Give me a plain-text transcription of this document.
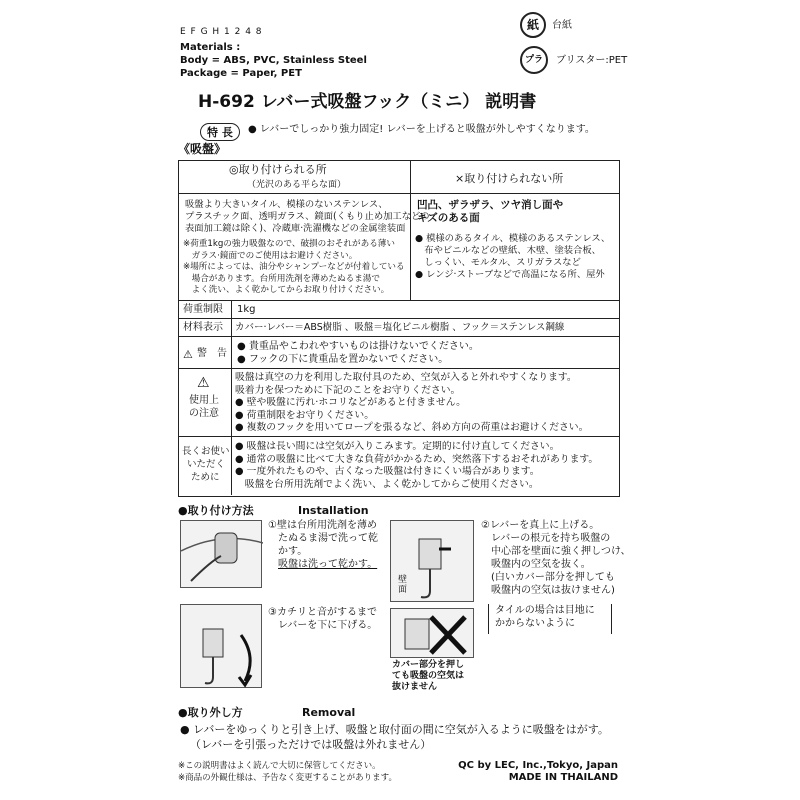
E F G H 1 2 4 8
Materials :
Body = ABS, PVC, Stainless Steel
Package = Paper, PET
紙	台紙
プラ	ブリスター:PET
H-692 レバー式吸盤フック（ミニ） 説明書
特 長	● レバーでしっかり強力固定! レバーを上げると吸盤が外しやすくなります。
《吸盤》
◎取り付けられる所
（光沢のある平らな面）
吸盤より大きいタイル、模様のないステンレス、
プラスチック面、透明ガラス、鏡面(くもり止め加工などの
表面加工鏡は除く)、冷蔵庫·洗濯機などの金属塗装面
※荷重1kgの強力吸盤なので、破損のおそれがある薄い
　ガラス·鏡面でのご使用はお避けください。
※場所によっては、油分やシャンプーなどが付着している
　場合があります。台所用洗剤を薄めたぬるま湯で
　よく洗い、よく乾かしてからお取り付けください。
×取り付けられない所
凹凸、ザラザラ、ツヤ消し面や
キズのある面
● 模様のあるタイル、模様のあるステンレス、
　布やビニルなどの壁紙、木壁、塗装合板、
　しっくい、モルタル、スリガラスなど
● レンジ·ストーブなどで高温になる所、屋外
荷重制限 1kg
材料表示 カバー·レバー＝ABS樹脂 、吸盤＝塩化ビニル樹脂 、フック＝ステンレス鋼線
⚠ 警　告
● 貴重品やこわれやすいものは掛けないでください。
● フックの下に貴重品を置かないでください。
⚠
使用上
の注意
吸盤は真空の力を利用した取付具のため、空気が入ると外れやすくなります。
吸着力を保つために下記のことをお守りください。
● 壁や吸盤に汚れ·ホコリなどがあると付きません。
● 荷重制限をお守りください。
● 複数のフックを用いてロープを張るなど、斜め方向の荷重はお避けください。
長くお使い
いただく
ために
● 吸盤は長い間には空気が入りこみます。定期的に付け直してください。
● 通常の吸盤に比べて大きな負荷がかかるため、突然落下するおそれがあります。
● 一度外れたものや、古くなった吸盤は付きにくい場合があります。
　吸盤を台所用洗剤でよく洗い、よく乾かしてからご使用ください。
●取り付け方法	Installation
①壁は台所用洗剤を薄め
たぬるま湯で洗って乾
かす。
吸盤は洗って乾かす。
壁面
②レバーを真上に上げる。
レバーの根元を持ち吸盤の
中心部を壁面に強く押しつけ、
吸盤内の空気を抜く。
(白いカバー部分を押しても
吸盤内の空気は抜けません)
③カチリと音がするまで
レバーを下に下げる。
タイルの場合は目地に
かからないように
カバー部分を押し
ても吸盤の空気は
抜けません
●取り外し方	Removal
● レバーをゆっくりと引き上げ、吸盤と取付面の間に空気が入るように吸盤をはがす。
（レバーを引張っただけでは吸盤は外れません）
※この説明書はよく読んで大切に保管してください。
※商品の外観仕様は、予告なく変更することがあります。
QC by LEC, Inc.,Tokyo, Japan
MADE IN THAILAND
